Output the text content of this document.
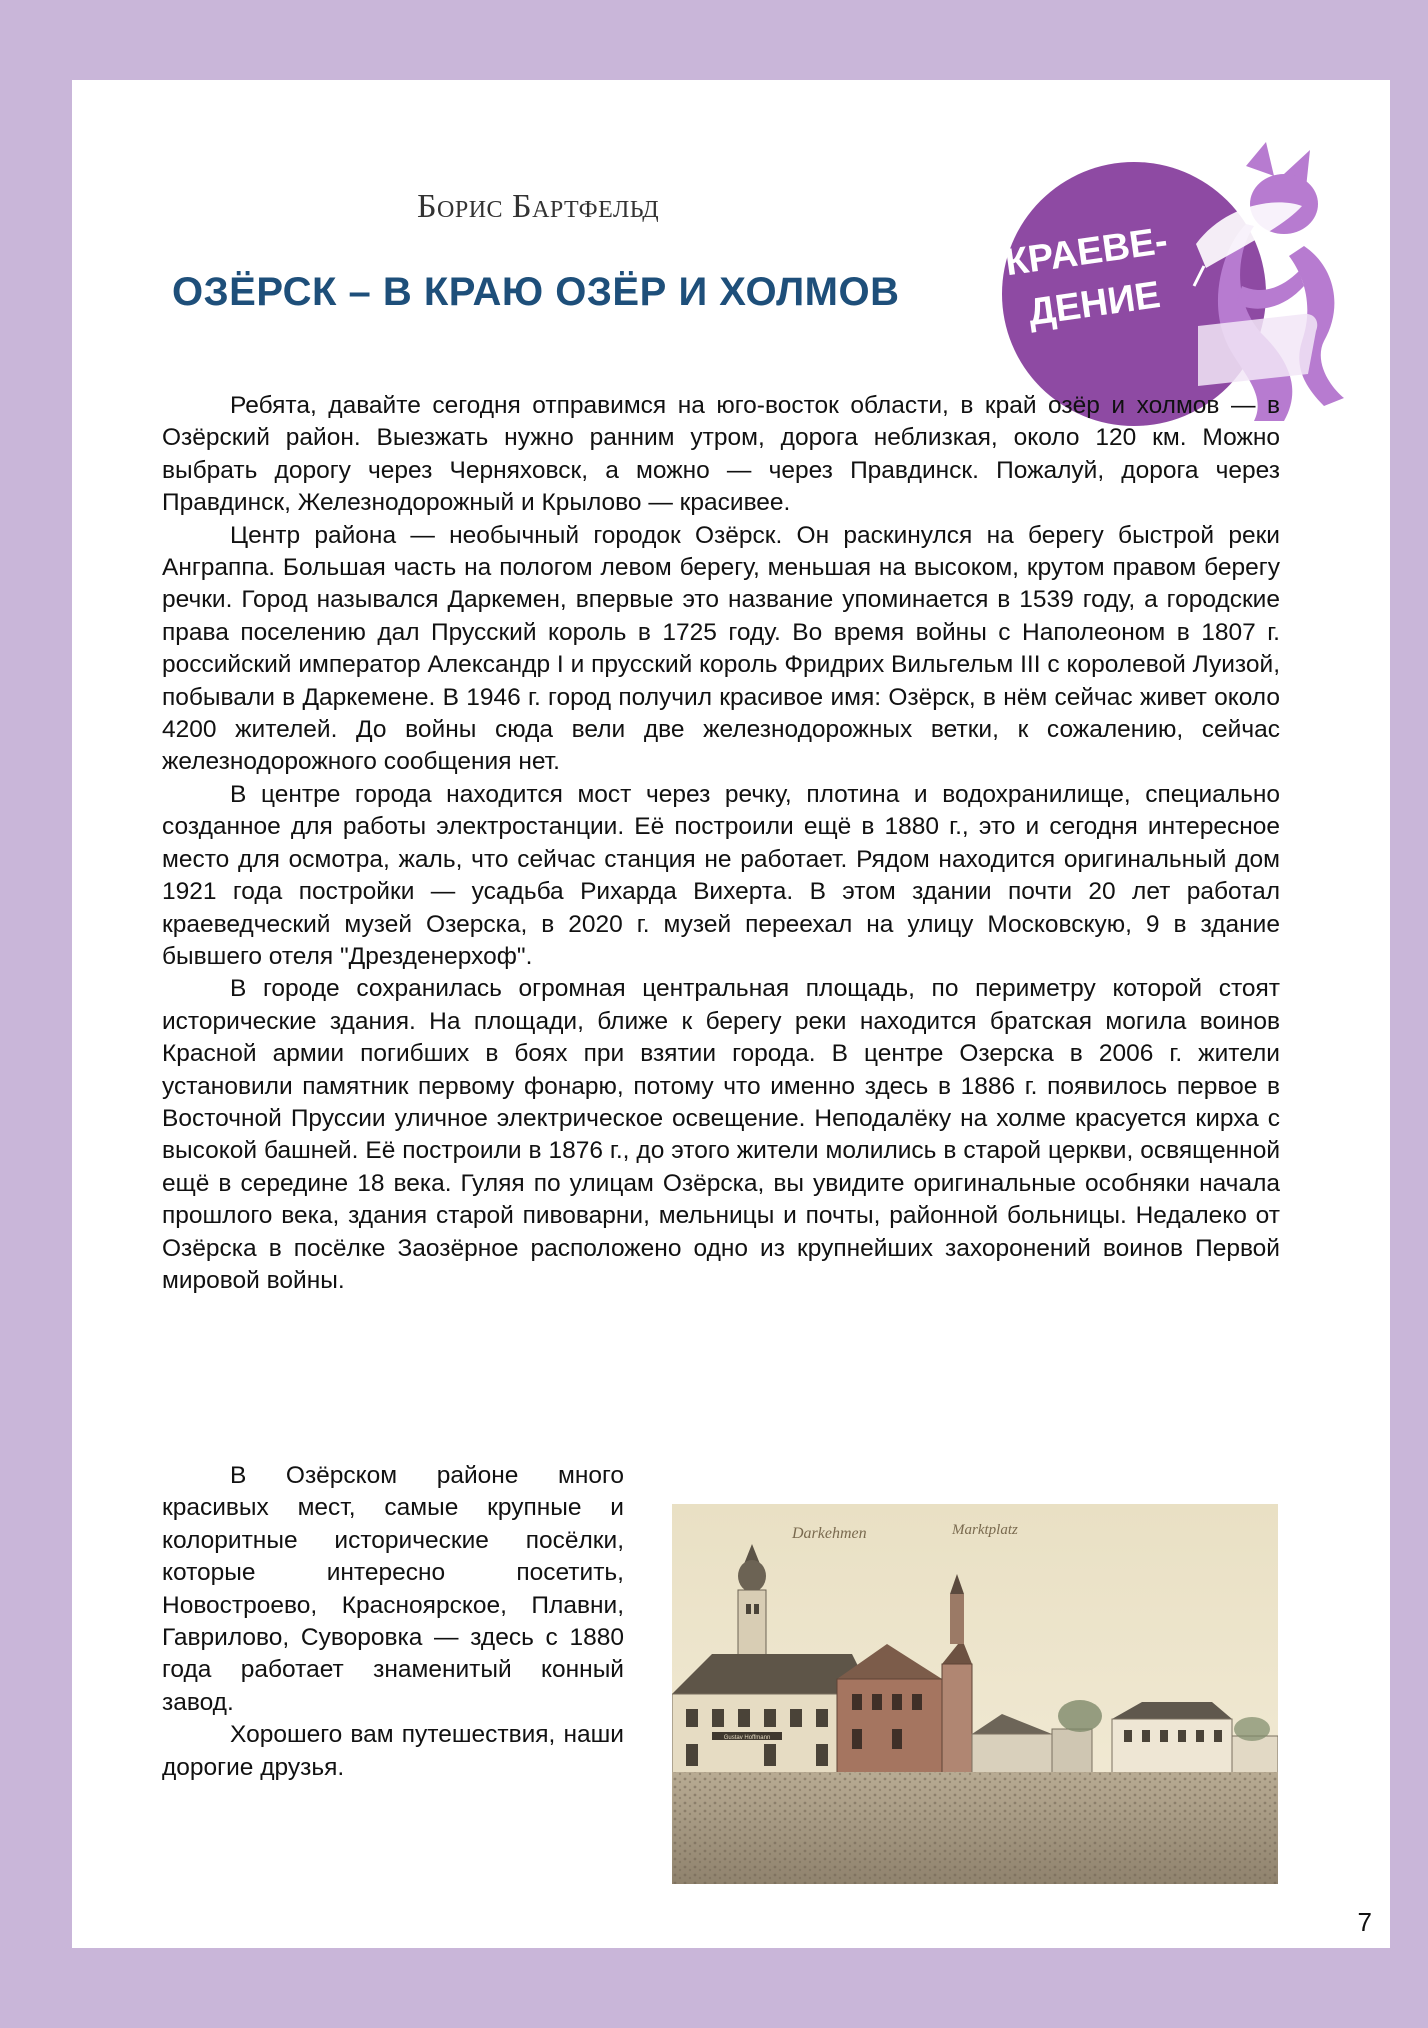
Борис Бартфельд
ОЗЁРСК – В КРАЮ ОЗЁР И ХОЛМОВ
КРАЕВЕ-
ДЕНИЕ

Ребята, давайте сегодня отправимся на юго-восток области, в край озёр и холмов — в Озёрский район. Выезжать нужно ранним утром, дорога неблизкая, около 120 км. Можно выбрать дорогу через Черняховск, а можно — через Правдинск. Пожалуй, дорога через Правдинск, Железнодорожный и Крылово — красивее.

Центр района — необычный городок Озёрск. Он раскинулся на берегу быстрой реки Анграппа. Большая часть на пологом левом берегу, меньшая на высоком, крутом правом берегу речки. Город назывался Даркемен, впервые это название упоминается в 1539 году, а городские права поселению дал Прусский король в 1725 году. Во время войны с Наполеоном в 1807 г. российский император Александр I и прусский король Фридрих Вильгельм III с королевой Луизой, побывали в Даркемене. В 1946 г. город получил красивое имя: Озёрск, в нём сейчас живет около 4200 жителей. До войны сюда вели две железнодорожных ветки, к сожалению, сейчас железнодорожного сообщения нет.

В центре города находится мост через речку, плотина и водохранилище, специально созданное для работы электростанции. Её построили ещё в 1880 г., это и сегодня интересное место для осмотра, жаль, что сейчас станция не работает. Рядом находится оригинальный дом 1921 года постройки — усадьба Рихарда Вихерта. В этом здании почти 20 лет работал краеведческий музей Озерска, в 2020 г. музей переехал на улицу Московскую, 9 в здание бывшего отеля "Дрезденерхоф".

В городе сохранилась огромная центральная площадь, по периметру которой стоят исторические здания. На площади, ближе к берегу реки находится братская могила воинов Красной армии погибших в боях при взятии города. В центре Озерска в 2006 г. жители установили памятник первому фонарю, потому что именно здесь в 1886 г. появилось первое в Восточной Пруссии уличное электрическое освещение. Неподалёку на холме красуется кирха с высокой башней. Её построили в 1876 г., до этого жители молились в старой церкви, освященной ещё в середине 18 века. Гуляя по улицам Озёрска, вы увидите оригинальные особняки начала прошлого века, здания старой пивоварни, мельницы и почты, районной больницы. Недалеко от Озёрска в посёлке Заозёрное расположено одно из крупнейших захоронений воинов Первой мировой войны.

В Озёрском районе много красивых мест, самые крупные и колоритные исторические посёлки, которые интересно посетить, Новостроево, Красноярское, Плавни, Гаврилово, Суворовка — здесь с 1880 года работает знаменитый конный завод.

Хорошего вам путешествия, наши дорогие друзья.

Darkehmen	Marktplatz
Gustav Hoffmann
7
